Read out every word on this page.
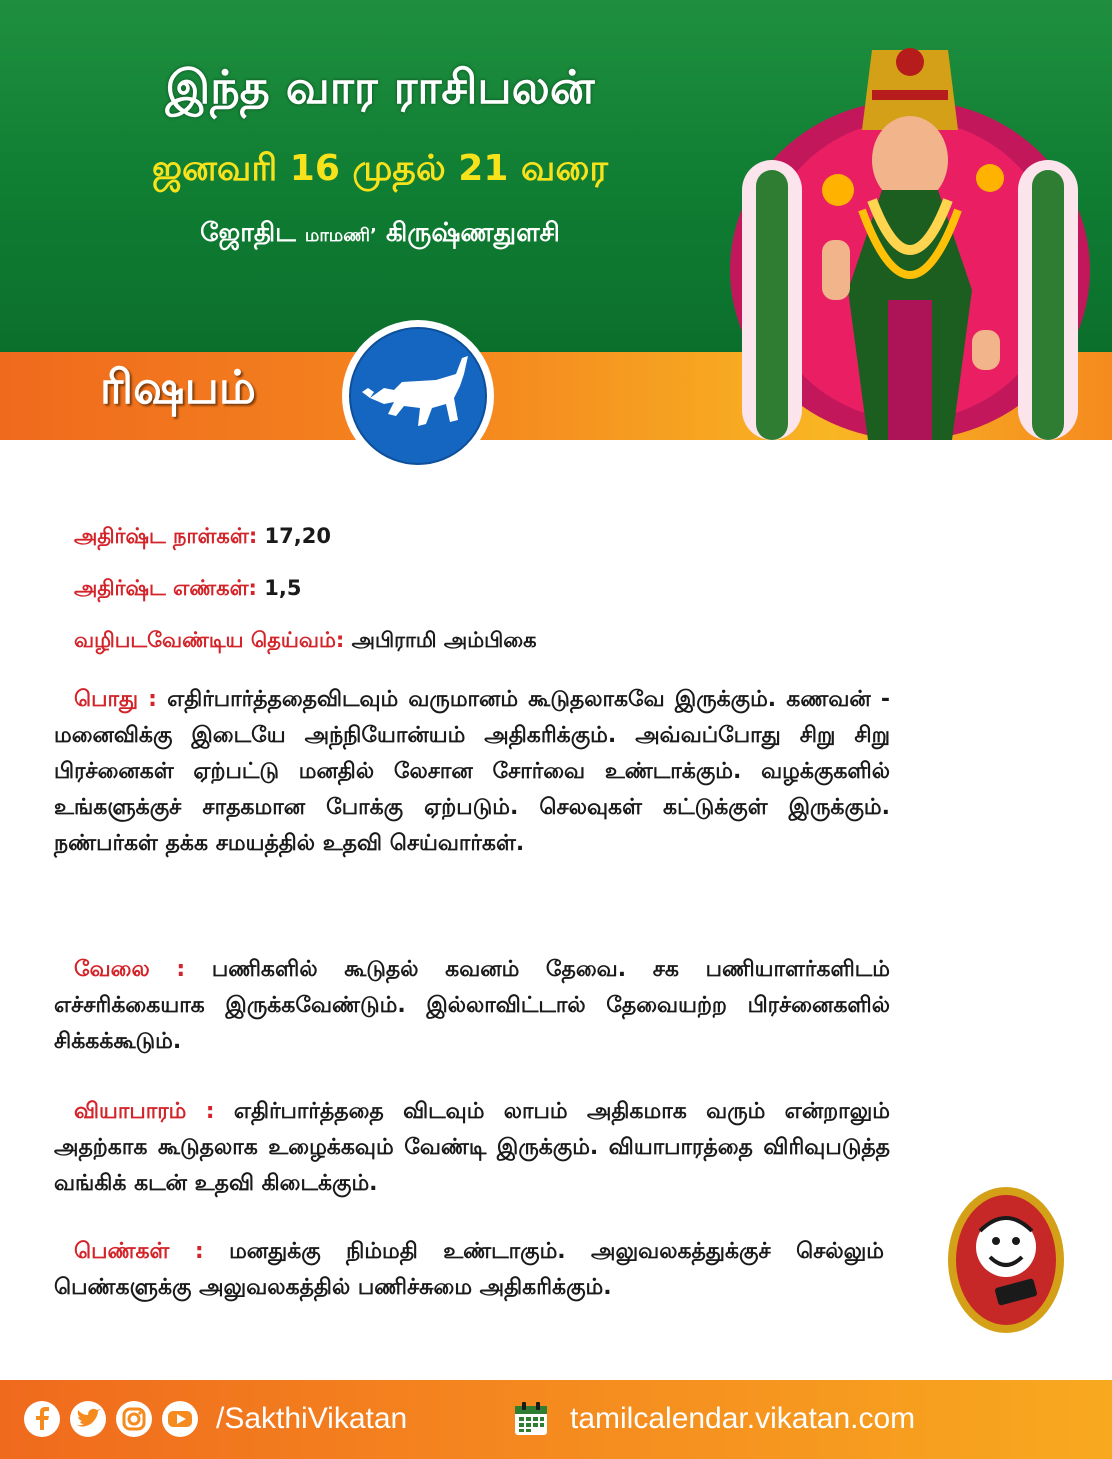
இந்த வார ராசிபலன்
ஜனவரி 16 முதல் 21 வரை
ஜோதிட மாமணி’ கிருஷ்ணதுளசி
ரிஷபம்
அதிர்ஷ்ட நாள்கள்: 17,20
அதிர்ஷ்ட எண்கள்: 1,5
வழிபடவேண்டிய தெய்வம்: அபிராமி அம்பிகை
பொது : எதிர்பார்த்ததைவிடவும் வருமானம் கூடுதலாகவே இருக்கும். கணவன் - மனைவிக்கு இடையே அந்நியோன்யம் அதிகரிக்கும். அவ்வப்போது சிறு சிறு பிரச்னைகள் ஏற்பட்டு மனதில் லேசான சோர்வை உண்டாக்கும். வழக்குகளில் உங்களுக்குச் சாதகமான போக்கு ஏற்படும். செலவுகள் கட்டுக்குள் இருக்கும். நண்பர்கள் தக்க சமயத்தில் உதவி செய்வார்கள்.
வேலை : பணிகளில் கூடுதல் கவனம் தேவை. சக பணியாளர்களிடம் எச்சரிக்கையாக இருக்கவேண்டும். இல்லாவிட்டால் தேவையற்ற பிரச்னைகளில் சிக்கக்கூடும்.
வியாபாரம் : எதிர்பார்த்ததை விடவும் லாபம் அதிகமாக வரும் என்றாலும் அதற்காக கூடுதலாக உழைக்கவும் வேண்டி இருக்கும். வியாபாரத்தை விரிவுபடுத்த வங்கிக் கடன் உதவி கிடைக்கும்.
பெண்கள் : மனதுக்கு நிம்மதி உண்டாகும். அலுவலகத்துக்குச் செல்லும் பெண்களுக்கு அலுவலகத்தில் பணிச்சுமை அதிகரிக்கும்.
/SakthiVikatan	tamilcalendar.vikatan.com
